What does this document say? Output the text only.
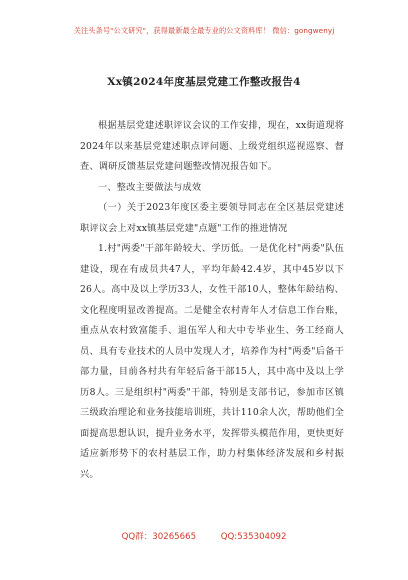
关注头条号"公文研究"，获得最新最全最专业的公文资料库！ 微信：gongwenyj
Xx镇2024年度基层党建工作整改报告4

根据基层党建述职评议会议的工作安排，现在，xx街道现将2024年以来基层党建述职点评问题、上级党组织巡视巡察、督查、调研反馈基层党建问题整改情况报告如下。

一、整改主要做法与成效

（一）关于2023年度区委主要领导同志在全区基层党建述职评议会上对xx镇基层党建"点题"工作的推进情况

1.村"两委"干部年龄较大、学历低。一是优化村"两委"队伍建设，现在有成员共47人，平均年龄42.4岁，其中45岁以下26人。高中及以上学历33人，女性干部10人，整体年龄结构、文化程度明显改善提高。二是健全农村青年人才信息工作台账，重点从农村致富能手、退伍军人和大中专毕业生、务工经商人员、具有专业技术的人员中发现人才，培养作为村"两委"后备干部力量，目前各村共有年轻后备干部15人，其中高中及以上学历8人。三是组织村"两委"干部，特别是支部书记，参加市区镇三级政治理论和业务技能培训班，共计110余人次，帮助他们全面提高思想认识，提升业务水平，发挥带头模范作用，更快更好适应新形势下的农村基层工作，助力村集体经济发展和乡村振兴。

QQ群：30265665	QQ:535304092
